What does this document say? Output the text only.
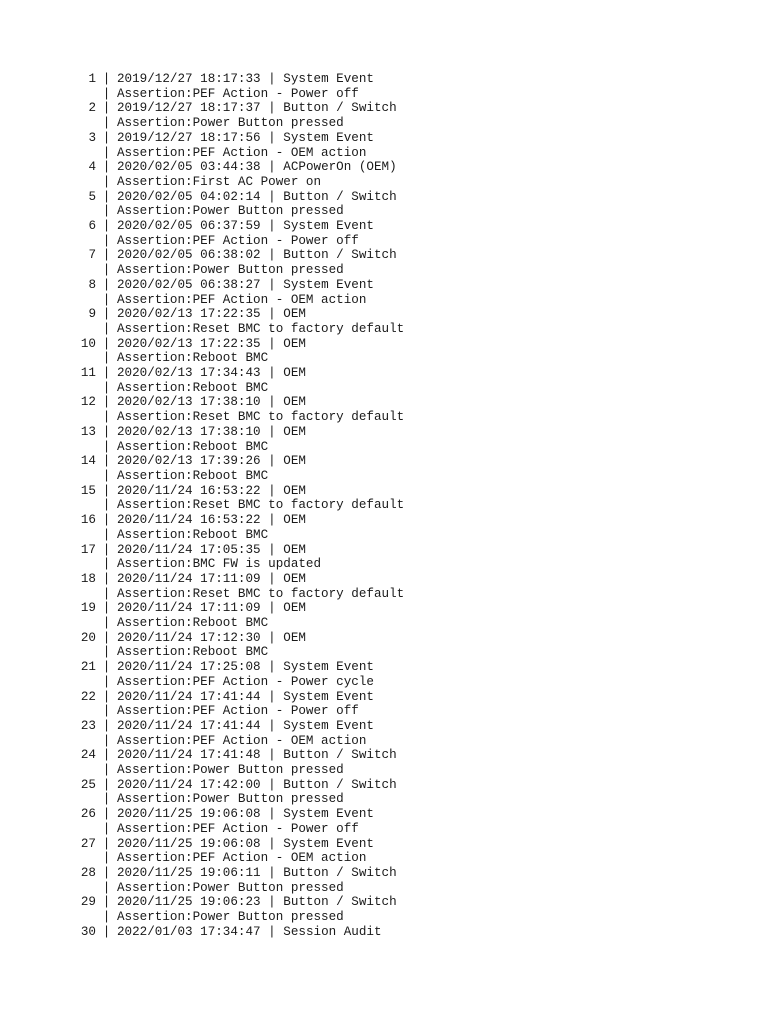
1 | 2019/12/27 18:17:33 | System Event
| Assertion:PEF Action - Power off
2 | 2019/12/27 18:17:37 | Button / Switch
| Assertion:Power Button pressed
3 | 2019/12/27 18:17:56 | System Event
| Assertion:PEF Action - OEM action
4 | 2020/02/05 03:44:38 | ACPowerOn (OEM)
| Assertion:First AC Power on
5 | 2020/02/05 04:02:14 | Button / Switch
| Assertion:Power Button pressed
6 | 2020/02/05 06:37:59 | System Event
| Assertion:PEF Action - Power off
7 | 2020/02/05 06:38:02 | Button / Switch
| Assertion:Power Button pressed
8 | 2020/02/05 06:38:27 | System Event
| Assertion:PEF Action - OEM action
9 | 2020/02/13 17:22:35 | OEM
| Assertion:Reset BMC to factory default
10 | 2020/02/13 17:22:35 | OEM
| Assertion:Reboot BMC
11 | 2020/02/13 17:34:43 | OEM
| Assertion:Reboot BMC
12 | 2020/02/13 17:38:10 | OEM
| Assertion:Reset BMC to factory default
13 | 2020/02/13 17:38:10 | OEM
| Assertion:Reboot BMC
14 | 2020/02/13 17:39:26 | OEM
| Assertion:Reboot BMC
15 | 2020/11/24 16:53:22 | OEM
| Assertion:Reset BMC to factory default
16 | 2020/11/24 16:53:22 | OEM
| Assertion:Reboot BMC
17 | 2020/11/24 17:05:35 | OEM
| Assertion:BMC FW is updated
18 | 2020/11/24 17:11:09 | OEM
| Assertion:Reset BMC to factory default
19 | 2020/11/24 17:11:09 | OEM
| Assertion:Reboot BMC
20 | 2020/11/24 17:12:30 | OEM
| Assertion:Reboot BMC
21 | 2020/11/24 17:25:08 | System Event
| Assertion:PEF Action - Power cycle
22 | 2020/11/24 17:41:44 | System Event
| Assertion:PEF Action - Power off
23 | 2020/11/24 17:41:44 | System Event
| Assertion:PEF Action - OEM action
24 | 2020/11/24 17:41:48 | Button / Switch
| Assertion:Power Button pressed
25 | 2020/11/24 17:42:00 | Button / Switch
| Assertion:Power Button pressed
26 | 2020/11/25 19:06:08 | System Event
| Assertion:PEF Action - Power off
27 | 2020/11/25 19:06:08 | System Event
| Assertion:PEF Action - OEM action
28 | 2020/11/25 19:06:11 | Button / Switch
| Assertion:Power Button pressed
29 | 2020/11/25 19:06:23 | Button / Switch
| Assertion:Power Button pressed
30 | 2022/01/03 17:34:47 | Session Audit
